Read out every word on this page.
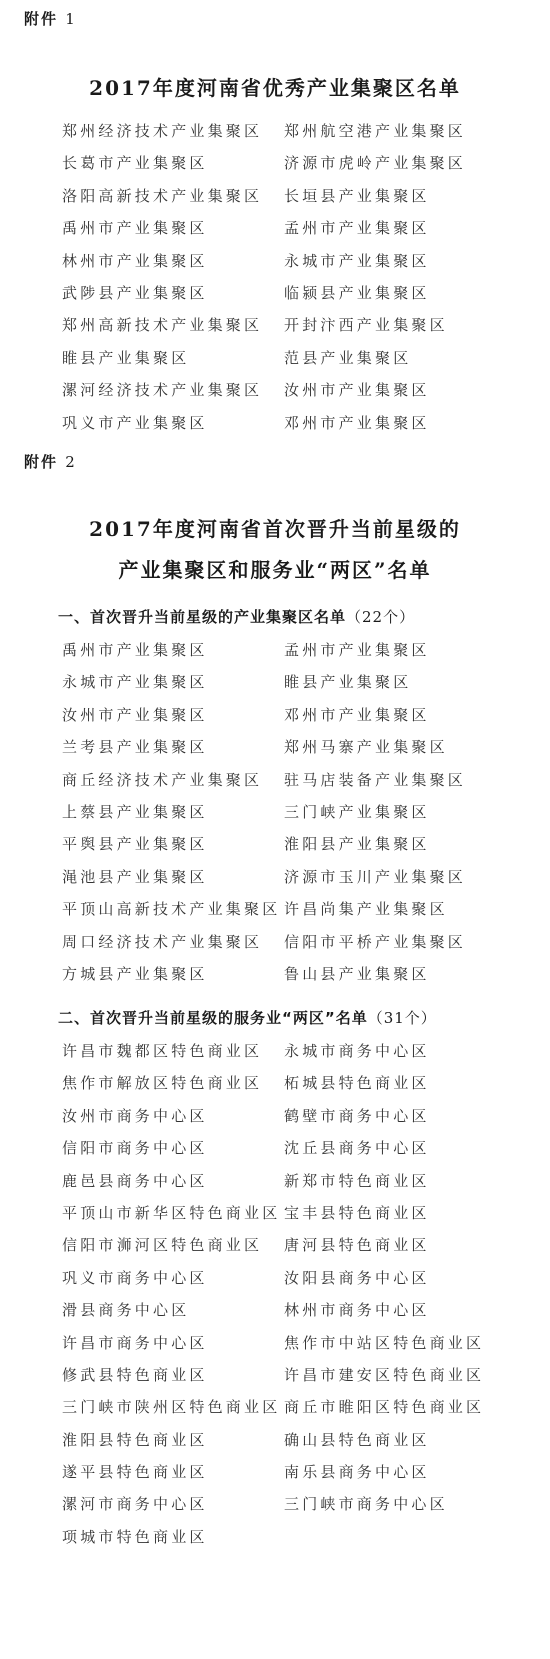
附件 1
2017年度河南省优秀产业集聚区名单
郑州经济技术产业集聚区 郑州航空港产业集聚区
长葛市产业集聚区	济源市虎岭产业集聚区
洛阳高新技术产业集聚区 长垣县产业集聚区
禹州市产业集聚区	孟州市产业集聚区
林州市产业集聚区	永城市产业集聚区
武陟县产业集聚区	临颍县产业集聚区
郑州高新技术产业集聚区 开封汴西产业集聚区
睢县产业集聚区	范县产业集聚区
漯河经济技术产业集聚区 汝州市产业集聚区
巩义市产业集聚区	邓州市产业集聚区
附件 2
2017年度河南省首次晋升当前星级的
产业集聚区和服务业“两区”名单
一、首次晋升当前星级的产业集聚区名单（22个）
禹州市产业集聚区	孟州市产业集聚区
永城市产业集聚区	睢县产业集聚区
汝州市产业集聚区	邓州市产业集聚区
兰考县产业集聚区	郑州马寨产业集聚区
商丘经济技术产业集聚区 驻马店装备产业集聚区
上蔡县产业集聚区	三门峡产业集聚区
平舆县产业集聚区	淮阳县产业集聚区
渑池县产业集聚区	济源市玉川产业集聚区
平顶山高新技术产业集聚区 许昌尚集产业集聚区
周口经济技术产业集聚区 信阳市平桥产业集聚区
方城县产业集聚区	鲁山县产业集聚区
二、首次晋升当前星级的服务业“两区”名单（31个）
许昌市魏都区特色商业区 永城市商务中心区
焦作市解放区特色商业区 柘城县特色商业区
汝州市商务中心区	鹤壁市商务中心区
信阳市商务中心区	沈丘县商务中心区
鹿邑县商务中心区	新郑市特色商业区
平顶山市新华区特色商业区 宝丰县特色商业区
信阳市浉河区特色商业区 唐河县特色商业区
巩义市商务中心区	汝阳县商务中心区
滑县商务中心区	林州市商务中心区
许昌市商务中心区	焦作市中站区特色商业区
修武县特色商业区	许昌市建安区特色商业区
三门峡市陕州区特色商业区 商丘市睢阳区特色商业区
淮阳县特色商业区	确山县特色商业区
遂平县特色商业区	南乐县商务中心区
漯河市商务中心区	三门峡市商务中心区
项城市特色商业区
